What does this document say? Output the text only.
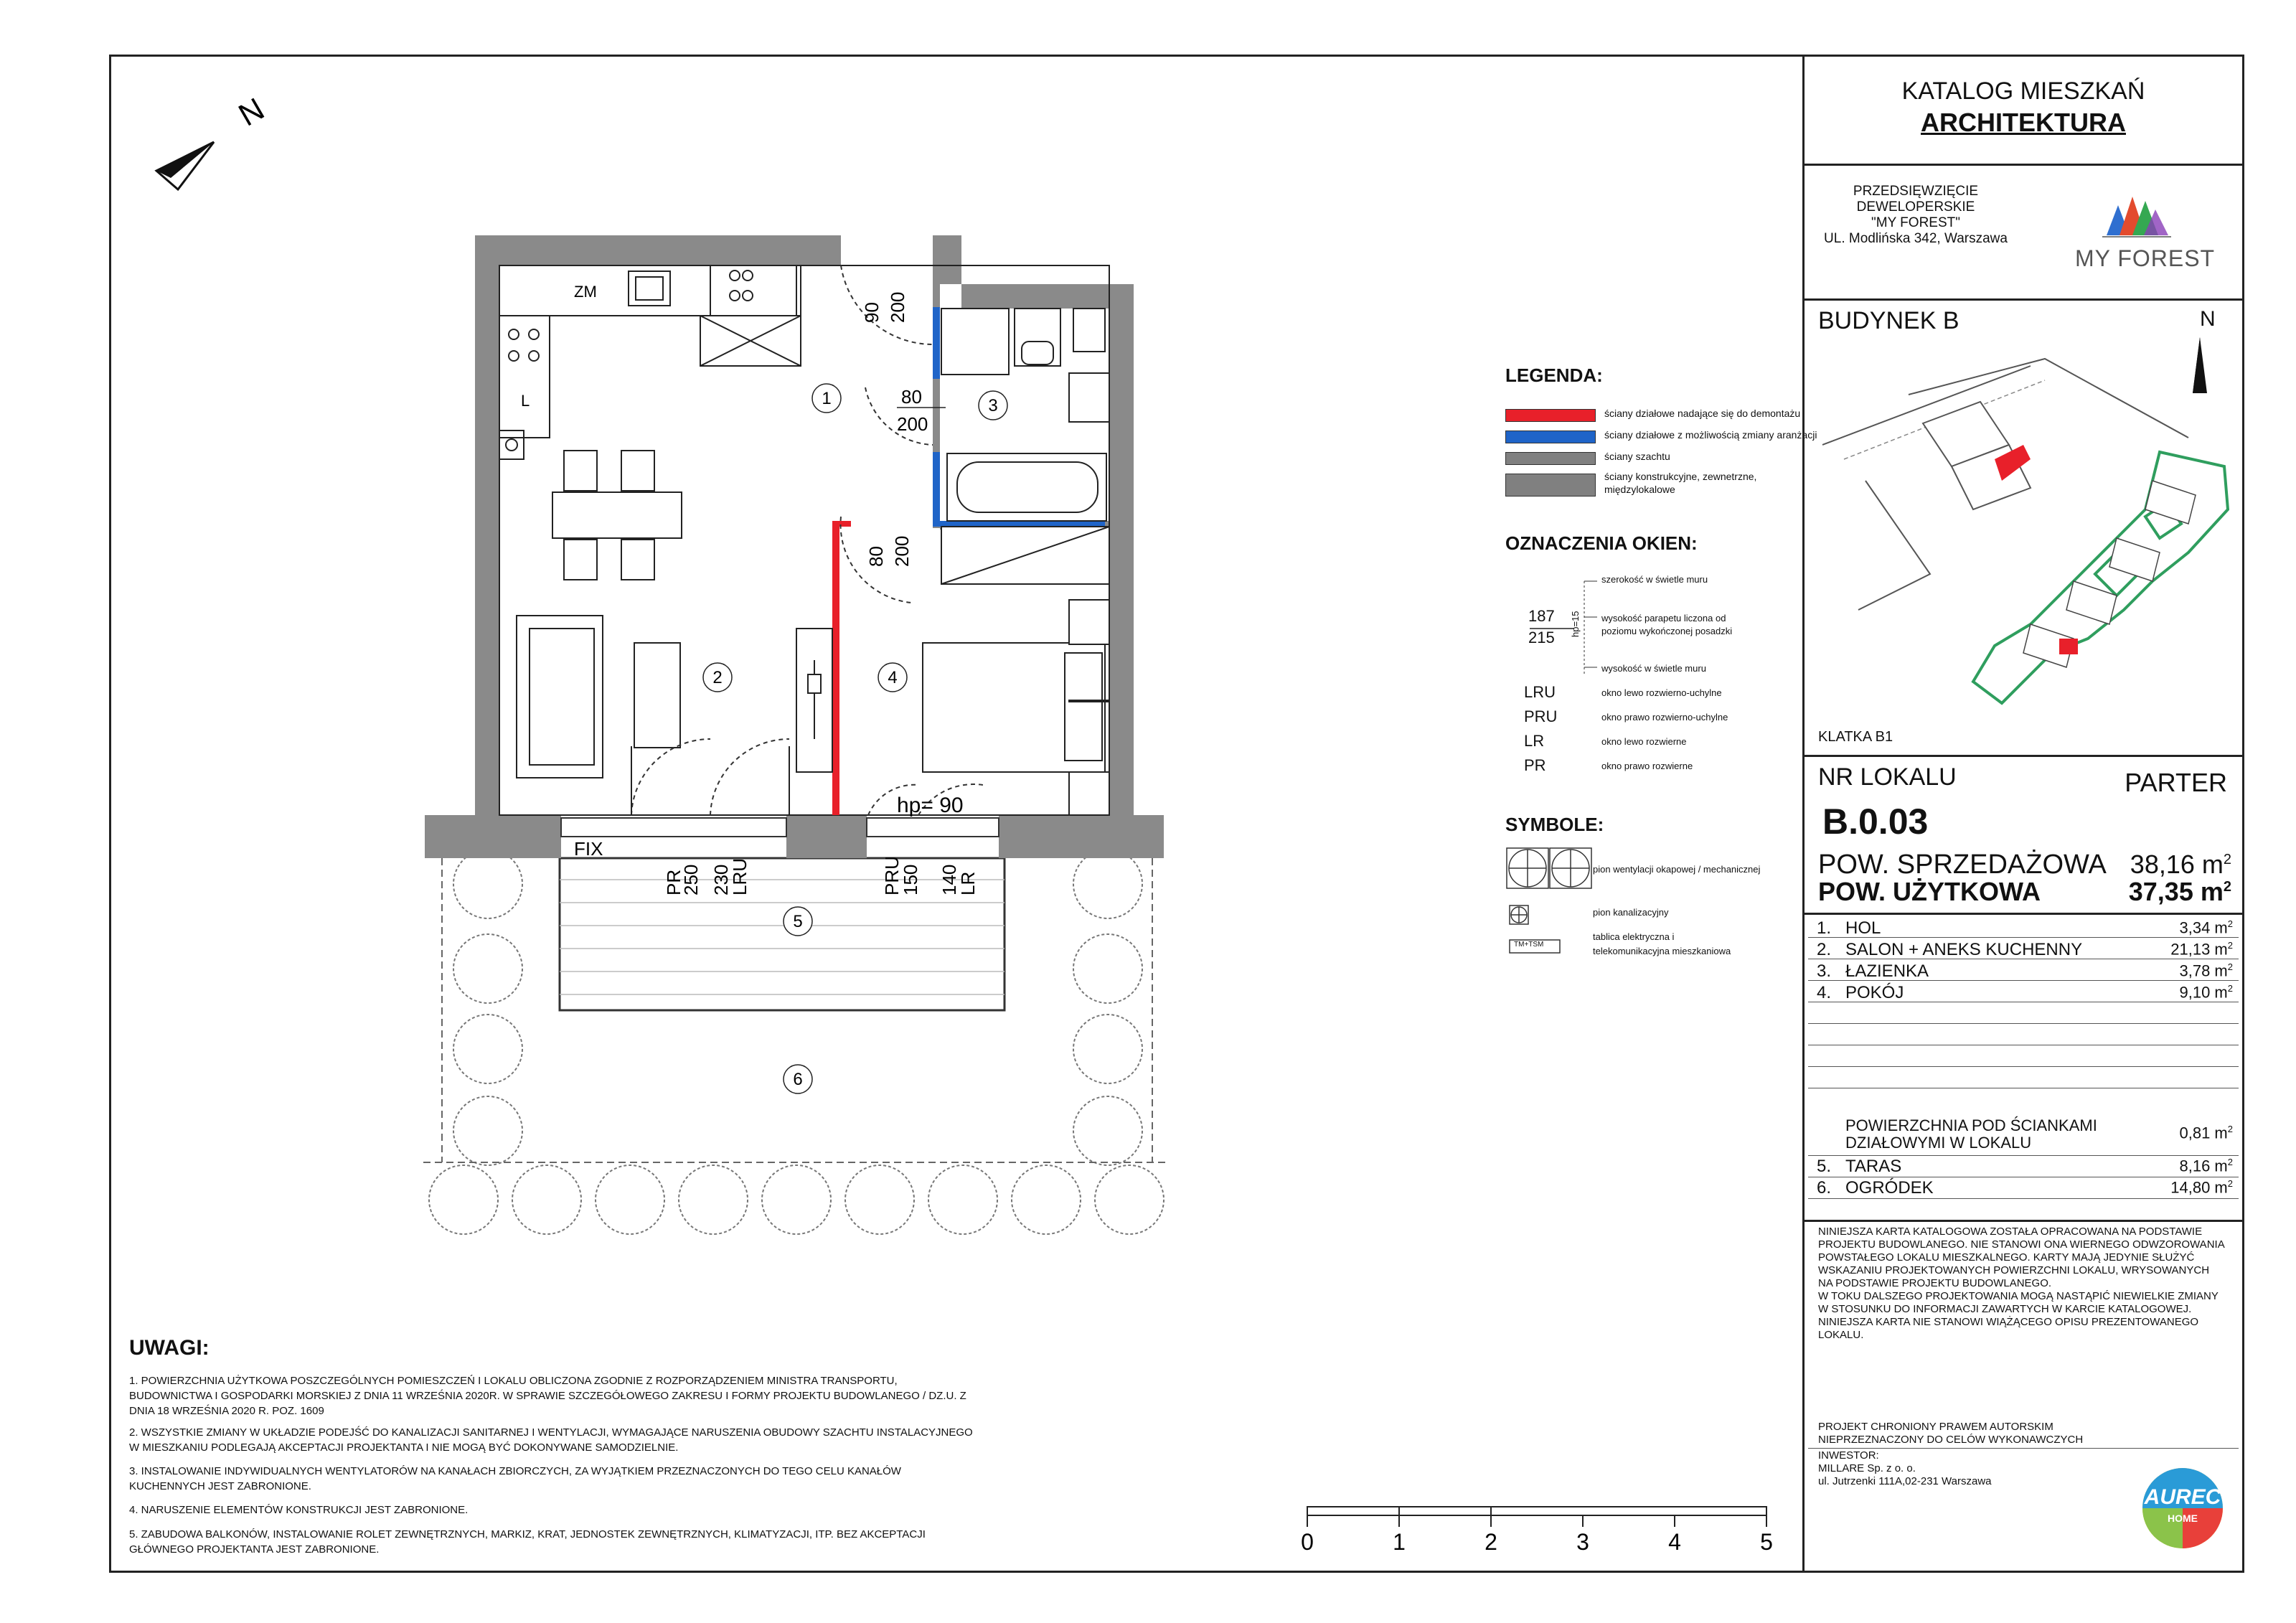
N
ZM
L	1
2
3
4
5
6
90 200
80
200
80 200
FIX
PR
250 230
LRU	PRU
150 140
LR
hp= 90
0	1	2	3	4	5
LEGENDA:
ściany działowe nadające się do demontażu
ściany działowe z możliwością zmiany aranżacji
ściany szachtu
ściany konstrukcyjne, zewnetrzne,
międzylokalowe
OZNACZENIA OKIEN:
187
215
hp=15
szerokość w świetle muru
wysokość parapetu liczona od
poziomu wykończonej posadzki
wysokość w świetle muru
LRU	okno lewo rozwierno-uchylne
PRU	okno prawo rozwierno-uchylne
LR	okno lewo rozwierne
PR	okno prawo rozwierne
SYMBOLE:
TM+TSM
pion wentylacji okapowej / mechanicznej
pion kanalizacyjny
tablica elektryczna i
telekomunikacyjna mieszkaniowa
UWAGI:
1. POWIERZCHNIA UŻYTKOWA POSZCZEGÓLNYCH POMIESZCZEŃ I LOKALU OBLICZONA ZGODNIE Z ROZPORZĄDZENIEM MINISTRA TRANSPORTU, BUDOWNICTWA I GOSPODARKI MORSKIEJ Z DNIA 11 WRZEŚNIA 2020R. W SPRAWIE SZCZEGÓŁOWEGO ZAKRESU I FORMY PROJEKTU BUDOWLANEGO / DZ.U. Z DNIA 18 WRZEŚNIA 2020 R. POZ. 1609
2. WSZYSTKIE ZMIANY W UKŁADZIE PODEJŚĆ DO KANALIZACJI SANITARNEJ I WENTYLACJI, WYMAGAJĄCE NARUSZENIA OBUDOWY SZACHTU INSTALACYJNEGO W MIESZKANIU PODLEGAJĄ AKCEPTACJI PROJEKTANTA I NIE MOGĄ BYĆ DOKONYWANE SAMODZIELNIE.
3. INSTALOWANIE INDYWIDUALNYCH WENTYLATORÓW NA KANAŁACH ZBIORCZYCH, ZA WYJĄTKIEM PRZEZNACZONYCH DO TEGO CELU KANAŁÓW KUCHENNYCH JEST ZABRONIONE.
4. NARUSZENIE ELEMENTÓW KONSTRUKCJI JEST ZABRONIONE.
5. ZABUDOWA BALKONÓW, INSTALOWANIE ROLET ZEWNĘTRZNYCH, MARKIZ, KRAT, JEDNOSTEK ZEWNĘTRZNYCH, KLIMATYZACJI, ITP. BEZ AKCEPTACJI GŁÓWNEGO PROJEKTANTA JEST ZABRONIONE.
KATALOG MIESZKAŃ
ARCHITEKTURA
PRZEDSIĘWZIĘCIE
DEWELOPERSKIE
"MY FOREST"
UL. Modlińska 342, Warszawa
MY FOREST
BUDYNEK B	N
KLATKA B1
NR LOKALU	PARTER
B.0.03
POW. SPRZEDAŻOWA 38,16 $m^2$
POW. UŻYTKOWA	37,35 $m^2$
1. HOL	3,34 $m^2$
2. SALON + ANEKS KUCHENNY	21,13 $m^2$
3. ŁAZIENKA	3,78 $m^2$
4. POKÓJ	9,10 $m^2$
POWIERZCHNIA POD ŚCIANKAMI
DZIAŁOWYMI W LOKALU
0,81 $m^2$
5. TARAS	8,16 $m^2$
6. OGRÓDEK	14,80 $m^2$
NINIEJSZA KARTA KATALOGOWA ZOSTAŁA OPRACOWANA NA PODSTAWIE
PROJEKTU BUDOWLANEGO. NIE STANOWI ONA WIERNEGO ODWZOROWANIA
POWSTAŁEGO LOKALU MIESZKALNEGO. KARTY MAJĄ JEDYNIE SŁUŻYĆ
WSKAZANIU PROJEKTOWANYCH POWIERZCHNI LOKALU, WRYSOWANYCH
NA PODSTAWIE PROJEKTU BUDOWLANEGO.
W TOKU DALSZEGO PROJEKTOWANIA MOGĄ NASTĄPIĆ NIEWIELKIE ZMIANY
W STOSUNKU DO INFORMACJI ZAWARTYCH W KARCIE KATALOGOWEJ.
NINIEJSZA KARTA NIE STANOWI WIĄŻĄCEGO OPISU PREZENTOWANEGO
LOKALU.
PROJEKT CHRONIONY PRAWEM AUTORSKIM
NIEPRZEZNACZONY DO CELÓW WYKONAWCZYCH
INWESTOR:
MILLARE Sp. z o. o.
ul. Jutrzenki 111A,02-231 Warszawa
AUREC
HOME
